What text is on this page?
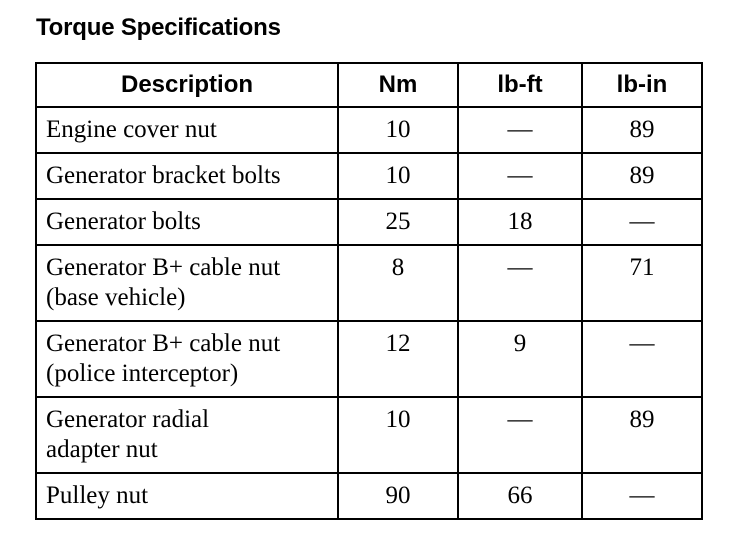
Torque Specifications
Description	Nm	lb-ft	lb-in
Engine cover nut	10	—	89
Generator bracket bolts	10	—	89
Generator bolts	25	18	—
Generator B+ cable nut
(base vehicle)	8	—	71
Generator B+ cable nut
(police interceptor)	12	9	—
Generator radial
adapter nut	10	—	89
Pulley nut	90	66	—
